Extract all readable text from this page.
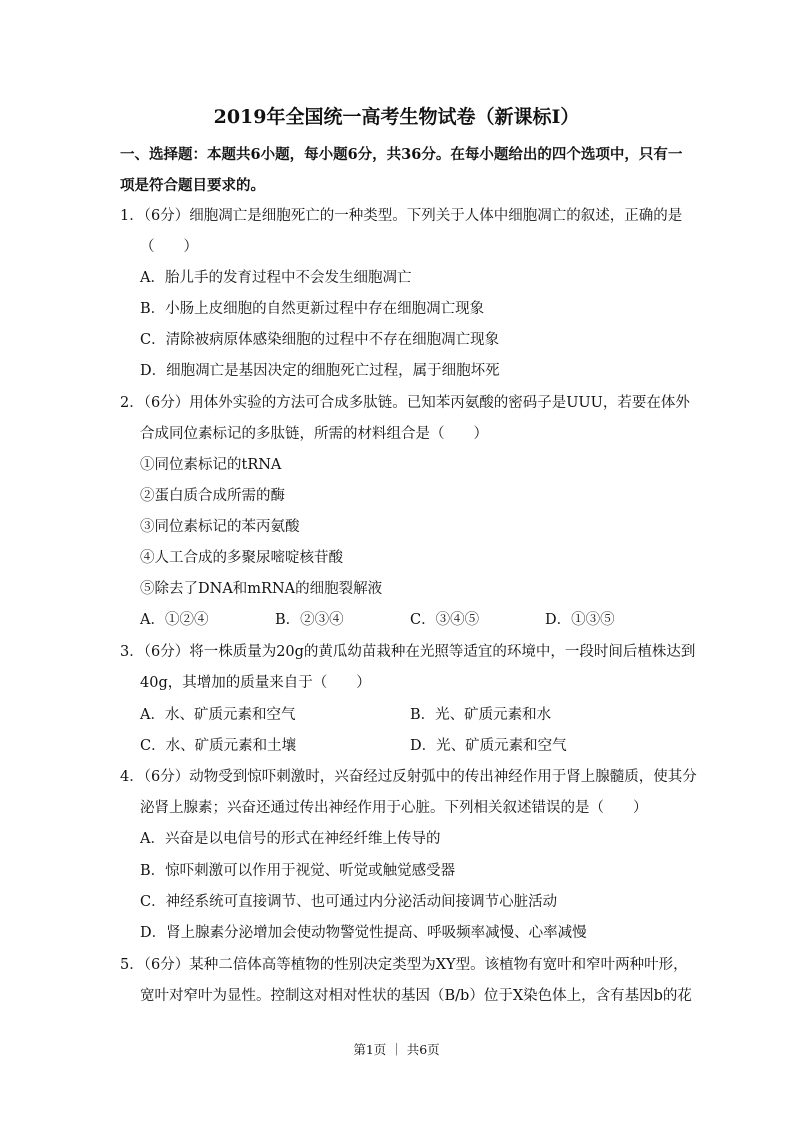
2019年全国统一高考生物试卷（新课标Ⅰ）
一、选择题：本题共6小题，每小题6分，共36分。在每小题给出的四个选项中，只有一
项是符合题目要求的。
1．（6分）细胞凋亡是细胞死亡的一种类型。下列关于人体中细胞凋亡的叙述，正确的是
（　　）
A．胎儿手的发育过程中不会发生细胞凋亡
B．小肠上皮细胞的自然更新过程中存在细胞凋亡现象
C．清除被病原体感染细胞的过程中不存在细胞凋亡现象
D．细胞凋亡是基因决定的细胞死亡过程，属于细胞坏死
2．（6分）用体外实验的方法可合成多肽链。已知苯丙氨酸的密码子是UUU，若要在体外
合成同位素标记的多肽链，所需的材料组合是（　　）
①同位素标记的tRNA
②蛋白质合成所需的酶
③同位素标记的苯丙氨酸
④人工合成的多聚尿嘧啶核苷酸
⑤除去了DNA和mRNA的细胞裂解液
A．①②④	B．②③④	C．③④⑤	D．①③⑤
3．（6分）将一株质量为20g的黄瓜幼苗栽种在光照等适宜的环境中，一段时间后植株达到
40g，其增加的质量来自于（　　）
A．水、矿质元素和空气	B．光、矿质元素和水
C．水、矿质元素和土壤	D．光、矿质元素和空气
4．（6分）动物受到惊吓刺激时，兴奋经过反射弧中的传出神经作用于肾上腺髓质，使其分
泌肾上腺素；兴奋还通过传出神经作用于心脏。下列相关叙述错误的是（　　）
A．兴奋是以电信号的形式在神经纤维上传导的
B．惊吓刺激可以作用于视觉、听觉或触觉感受器
C．神经系统可直接调节、也可通过内分泌活动间接调节心脏活动
D．肾上腺素分泌增加会使动物警觉性提高、呼吸频率减慢、心率减慢
5．（6分）某种二倍体高等植物的性别决定类型为XY型。该植物有宽叶和窄叶两种叶形，
宽叶对窄叶为显性。控制这对相对性状的基因（B/b）位于X染色体上，含有基因b的花
第1页 ｜ 共6页
